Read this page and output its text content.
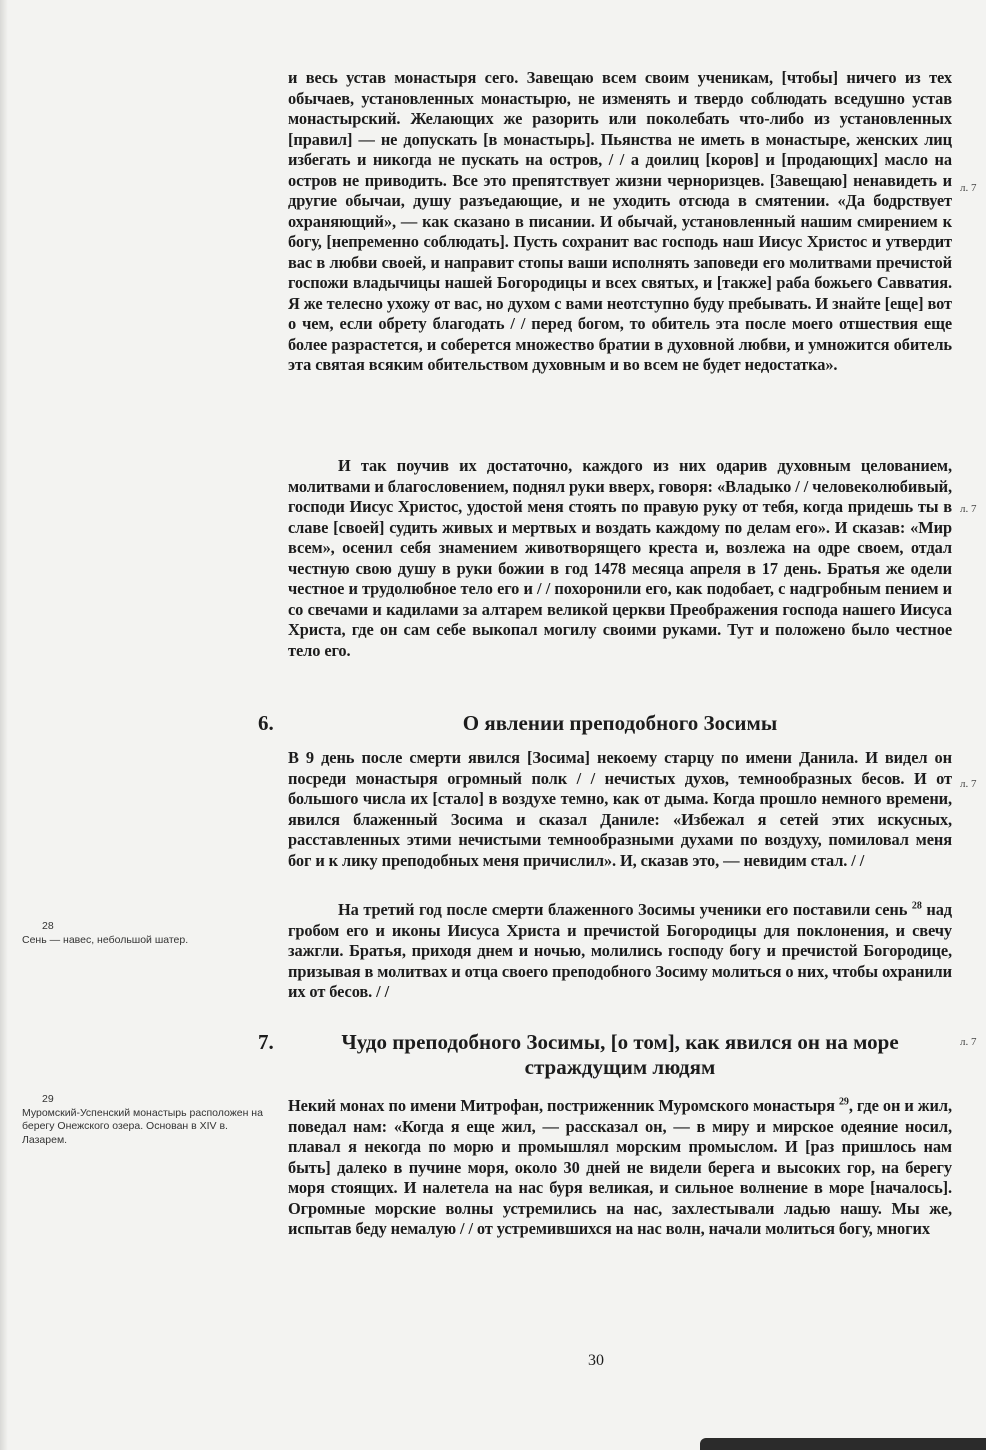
и весь устав монастыря сего. Завещаю всем своим ученикам, [чтобы] ничего из тех обычаев, установленных монастырю, не изменять и твердо соблюдать вседушно устав монастырский. Желающих же разорить или поколебать что-либо из установленных [правил] — не допускать [в монастырь]. Пьянства не иметь в монастыре, женских лиц избегать и никогда не пускать на остров, / / а доилиц [коров] и [продающих] масло на остров не приводить. Все это препятствует жизни черноризцев. [Завещаю] ненавидеть и другие обычаи, душу разъедающие, и не уходить отсюда в смятении. «Да бодрствует охраняющий», — как сказано в писании. И обычай, установленный нашим смирением к богу, [непременно соблюдать]. Пусть сохранит вас господь наш Иисус Христос и утвердит вас в любви своей, и направит стопы ваши исполнять заповеди его молитвами пречистой госпожи владычицы нашей Богородицы и всех святых, и [также] раба божьего Савватия. Я же телесно ухожу от вас, но духом с вами неотступно буду пребывать. И знайте [еще] вот о чем, если обрету благодать / / перед богом, то обитель эта после моего отшествия еще более разрастется, и соберется множество братии в духовной любви, и умножится обитель эта святая всяким обительством духовным и во всем не будет недостатка».

И так поучив их достаточно, каждого из них одарив духовным целованием, молитвами и благословением, поднял руки вверх, говоря: «Владыко / / человеколюбивый, господи Иисус Христос, удостой меня стоять по правую руку от тебя, когда придешь ты в славе [своей] судить живых и мертвых и воздать каждому по делам его». И сказав: «Мир всем», осенил себя знамением животворящего креста и, возлежа на одре своем, отдал честную свою душу в руки божии в год 1478 месяца апреля в 17 день. Братья же одели честное и трудолюбное тело его и / / похоронили его, как подобает, с надгробным пением и со свечами и кадилами за алтарем великой церкви Преображения господа нашего Иисуса Христа, где он сам себе выкопал могилу своими руками. Тут и положено было честное тело его.

6.	О явлении преподобного Зосимы

В 9 день после смерти явился [Зосима] некоему старцу по имени Данила. И видел он посреди монастыря огромный полк / / нечистых духов, темнообразных бесов. И от большого числа их [стало] в воздухе темно, как от дыма. Когда прошло немного времени, явился блаженный Зосима и сказал Даниле: «Избежал я сетей этих искусных, расставленных этими нечистыми темнообразными духами по воздуху, помиловал меня бог и к лику преподобных меня причислил». И, сказав это, — невидим стал. / /

На третий год после смерти блаженного Зосимы ученики его поставили сень $^{28}$ над гробом его и иконы Иисуса Христа и пречистой Богородицы для поклонения, и свечу зажгли. Братья, приходя днем и ночью, молились господу богу и пречистой Богородице, призывая в молитвах и отца своего преподобного Зосиму молиться о них, чтобы охранили их от бесов. / /

7.	Чудо преподобного Зосимы, [о том], как явился он на море
страждущим людям

Некий монах по имени Митрофан, постриженник Муромского монастыря $^{29}$, где он и жил, поведал нам: «Когда я еще жил, — рассказал он, — в миру и мирское одеяние носил, плавал я некогда по морю и промышлял морским промыслом. И [раз пришлось нам быть] далеко в пучине моря, около 30 дней не видели берега и высоких гор, на берегу моря стоящих. И налетела на нас буря великая, и сильное волнение в море [началось]. Огромные морские волны устремились на нас, захлестывали ладью нашу. Мы же, испытав беду немалую / / от устремившихся на нас волн, начали молиться богу, многих

л. 7
л. 7
л. 7
л. 7
28
Сень — навес, небольшой шатер.
29
Муромский-Успенский монастырь расположен на берегу Онежского озера. Основан в XIV в. Лазарем.
30
